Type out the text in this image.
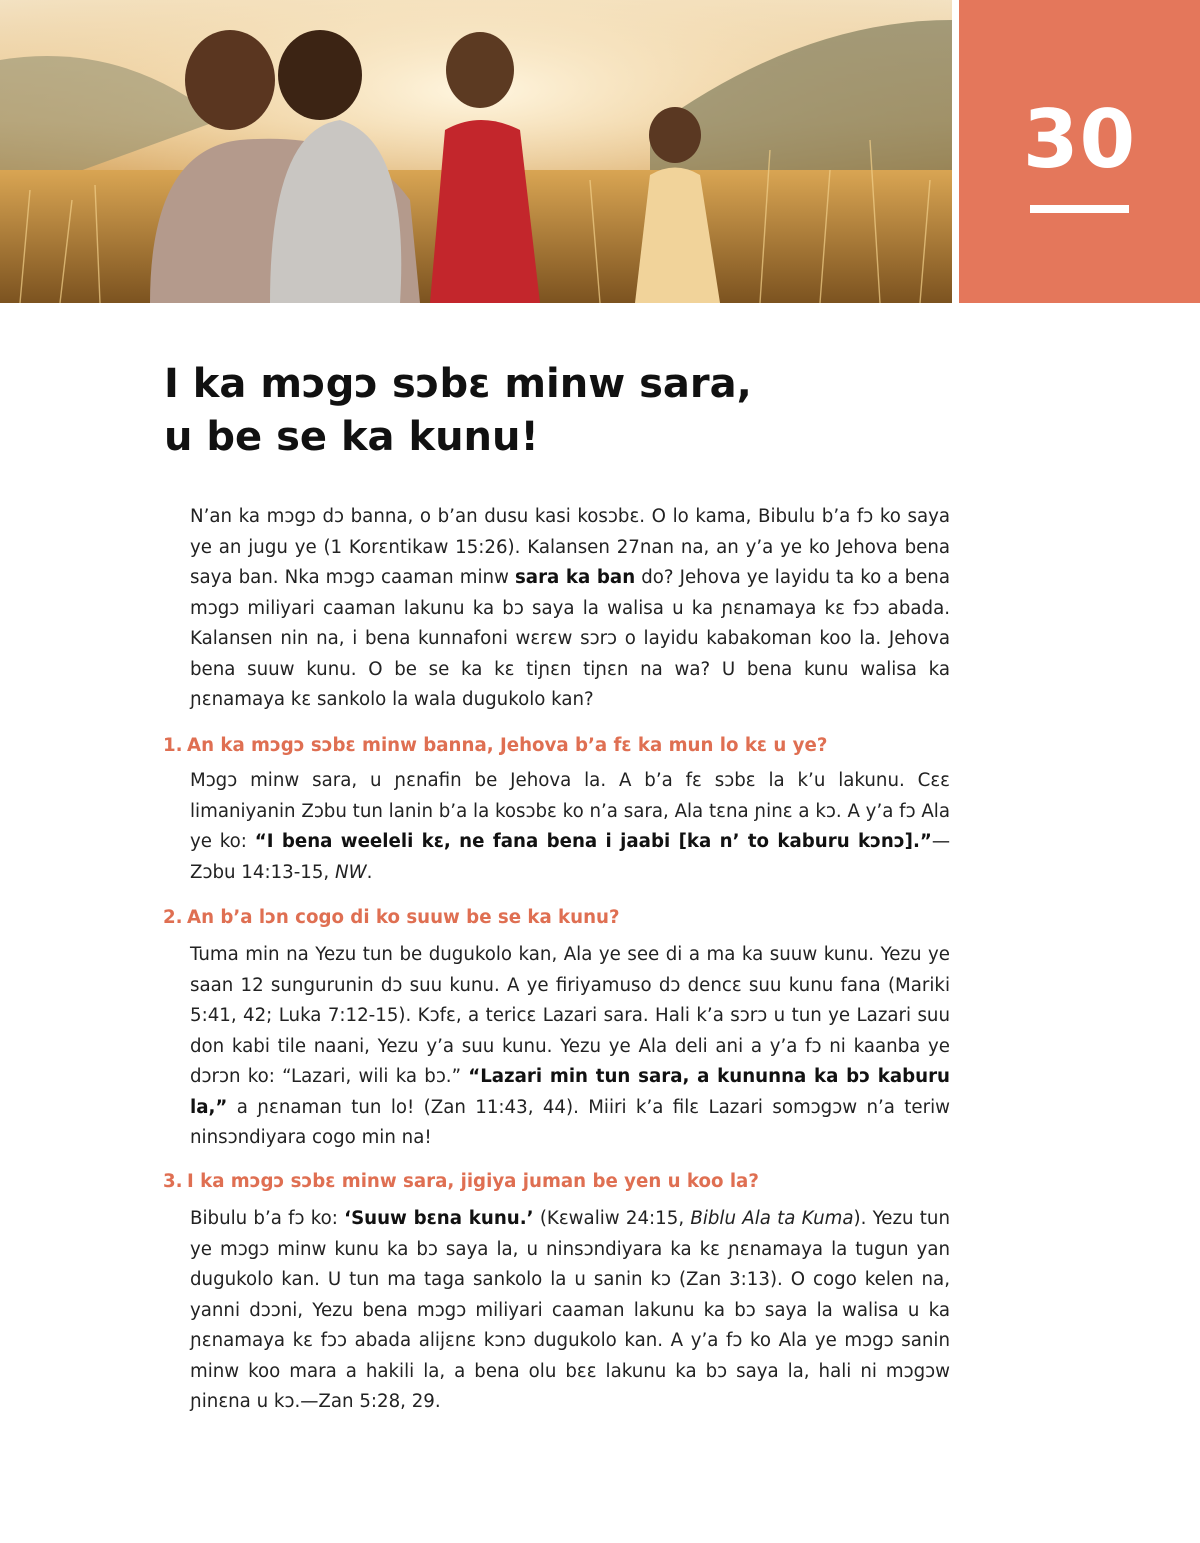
30
I ka mɔgɔ sɔbɛ minw sara,
u be se ka kunu!
N’an ka mɔgɔ dɔ banna, o b’an dusu kasi kosɔbɛ. O lo kama, Bibulu b’a fɔ ko saya ye an jugu ye (1 Korɛntikaw 15:26). Kalansen 27nan na, an y’a ye ko Jehova bena saya ban. Nka mɔgɔ caaman minw sara ka ban do? Jehova ye layidu ta ko a bena mɔgɔ miliyari caaman lakunu ka bɔ saya la walisa u ka ɲɛnamaya kɛ fɔɔ abada. Kalansen nin na, i bena kunnafoni wɛrɛw sɔrɔ o layidu kabakoman koo la. Jehova bena suuw kunu. O be se ka kɛ tiɲɛn tiɲɛn na wa? U bena kunu walisa ka ɲɛnamaya kɛ sankolo la wala dugukolo kan?
1. An ka mɔgɔ sɔbɛ minw banna, Jehova b’a fɛ ka mun lo kɛ u ye?
Mɔgɔ minw sara, u ɲɛnafin be Jehova la. A b’a fɛ sɔbɛ la k’u lakunu. Cɛɛ limaniyanin Zɔbu tun lanin b’a la kosɔbɛ ko n’a sara, Ala tɛna ɲinɛ a kɔ. A y’a fɔ Ala ye ko: “I bena weeleli kɛ, ne fana bena i jaabi [ka n’ to kaburu kɔnɔ].”—Zɔbu 14:13-15, NW.
2. An b’a lɔn cogo di ko suuw be se ka kunu?
Tuma min na Yezu tun be dugukolo kan, Ala ye see di a ma ka suuw kunu. Yezu ye saan 12 sungurunin dɔ suu kunu. A ye firiyamuso dɔ dencɛ suu kunu fana (Mariki 5:41, 42; Luka 7:12-15). Kɔfɛ, a tericɛ Lazari sara. Hali k’a sɔrɔ u tun ye Lazari suu don kabi tile naani, Yezu y’a suu kunu. Yezu ye Ala deli ani a y’a fɔ ni kaanba ye dɔrɔn ko: “Lazari, wili ka bɔ.” “Lazari min tun sara, a kununna ka bɔ kaburu la,” a ɲɛnaman tun lo! (Zan 11:43, 44). Miiri k’a filɛ Lazari somɔgɔw n’a teriw ninsɔndiyara cogo min na!
3. I ka mɔgɔ sɔbɛ minw sara, jigiya juman be yen u koo la?
Bibulu b’a fɔ ko: ‘Suuw bɛna kunu.’ (Kɛwaliw 24:15, Biblu Ala ta Kuma). Yezu tun ye mɔgɔ minw kunu ka bɔ saya la, u ninsɔndiyara ka kɛ ɲɛnamaya la tugun yan dugukolo kan. U tun ma taga sankolo la u sanin kɔ (Zan 3:13). O cogo kelen na, yanni dɔɔni, Yezu bena mɔgɔ miliyari caaman lakunu ka bɔ saya la walisa u ka ɲɛnamaya kɛ fɔɔ abada alijɛnɛ kɔnɔ dugukolo kan. A y’a fɔ ko Ala ye mɔgɔ sanin minw koo mara a hakili la, a bena olu bɛɛ lakunu ka bɔ saya la, hali ni mɔgɔw ɲinɛna u kɔ.—Zan 5:28, 29.
